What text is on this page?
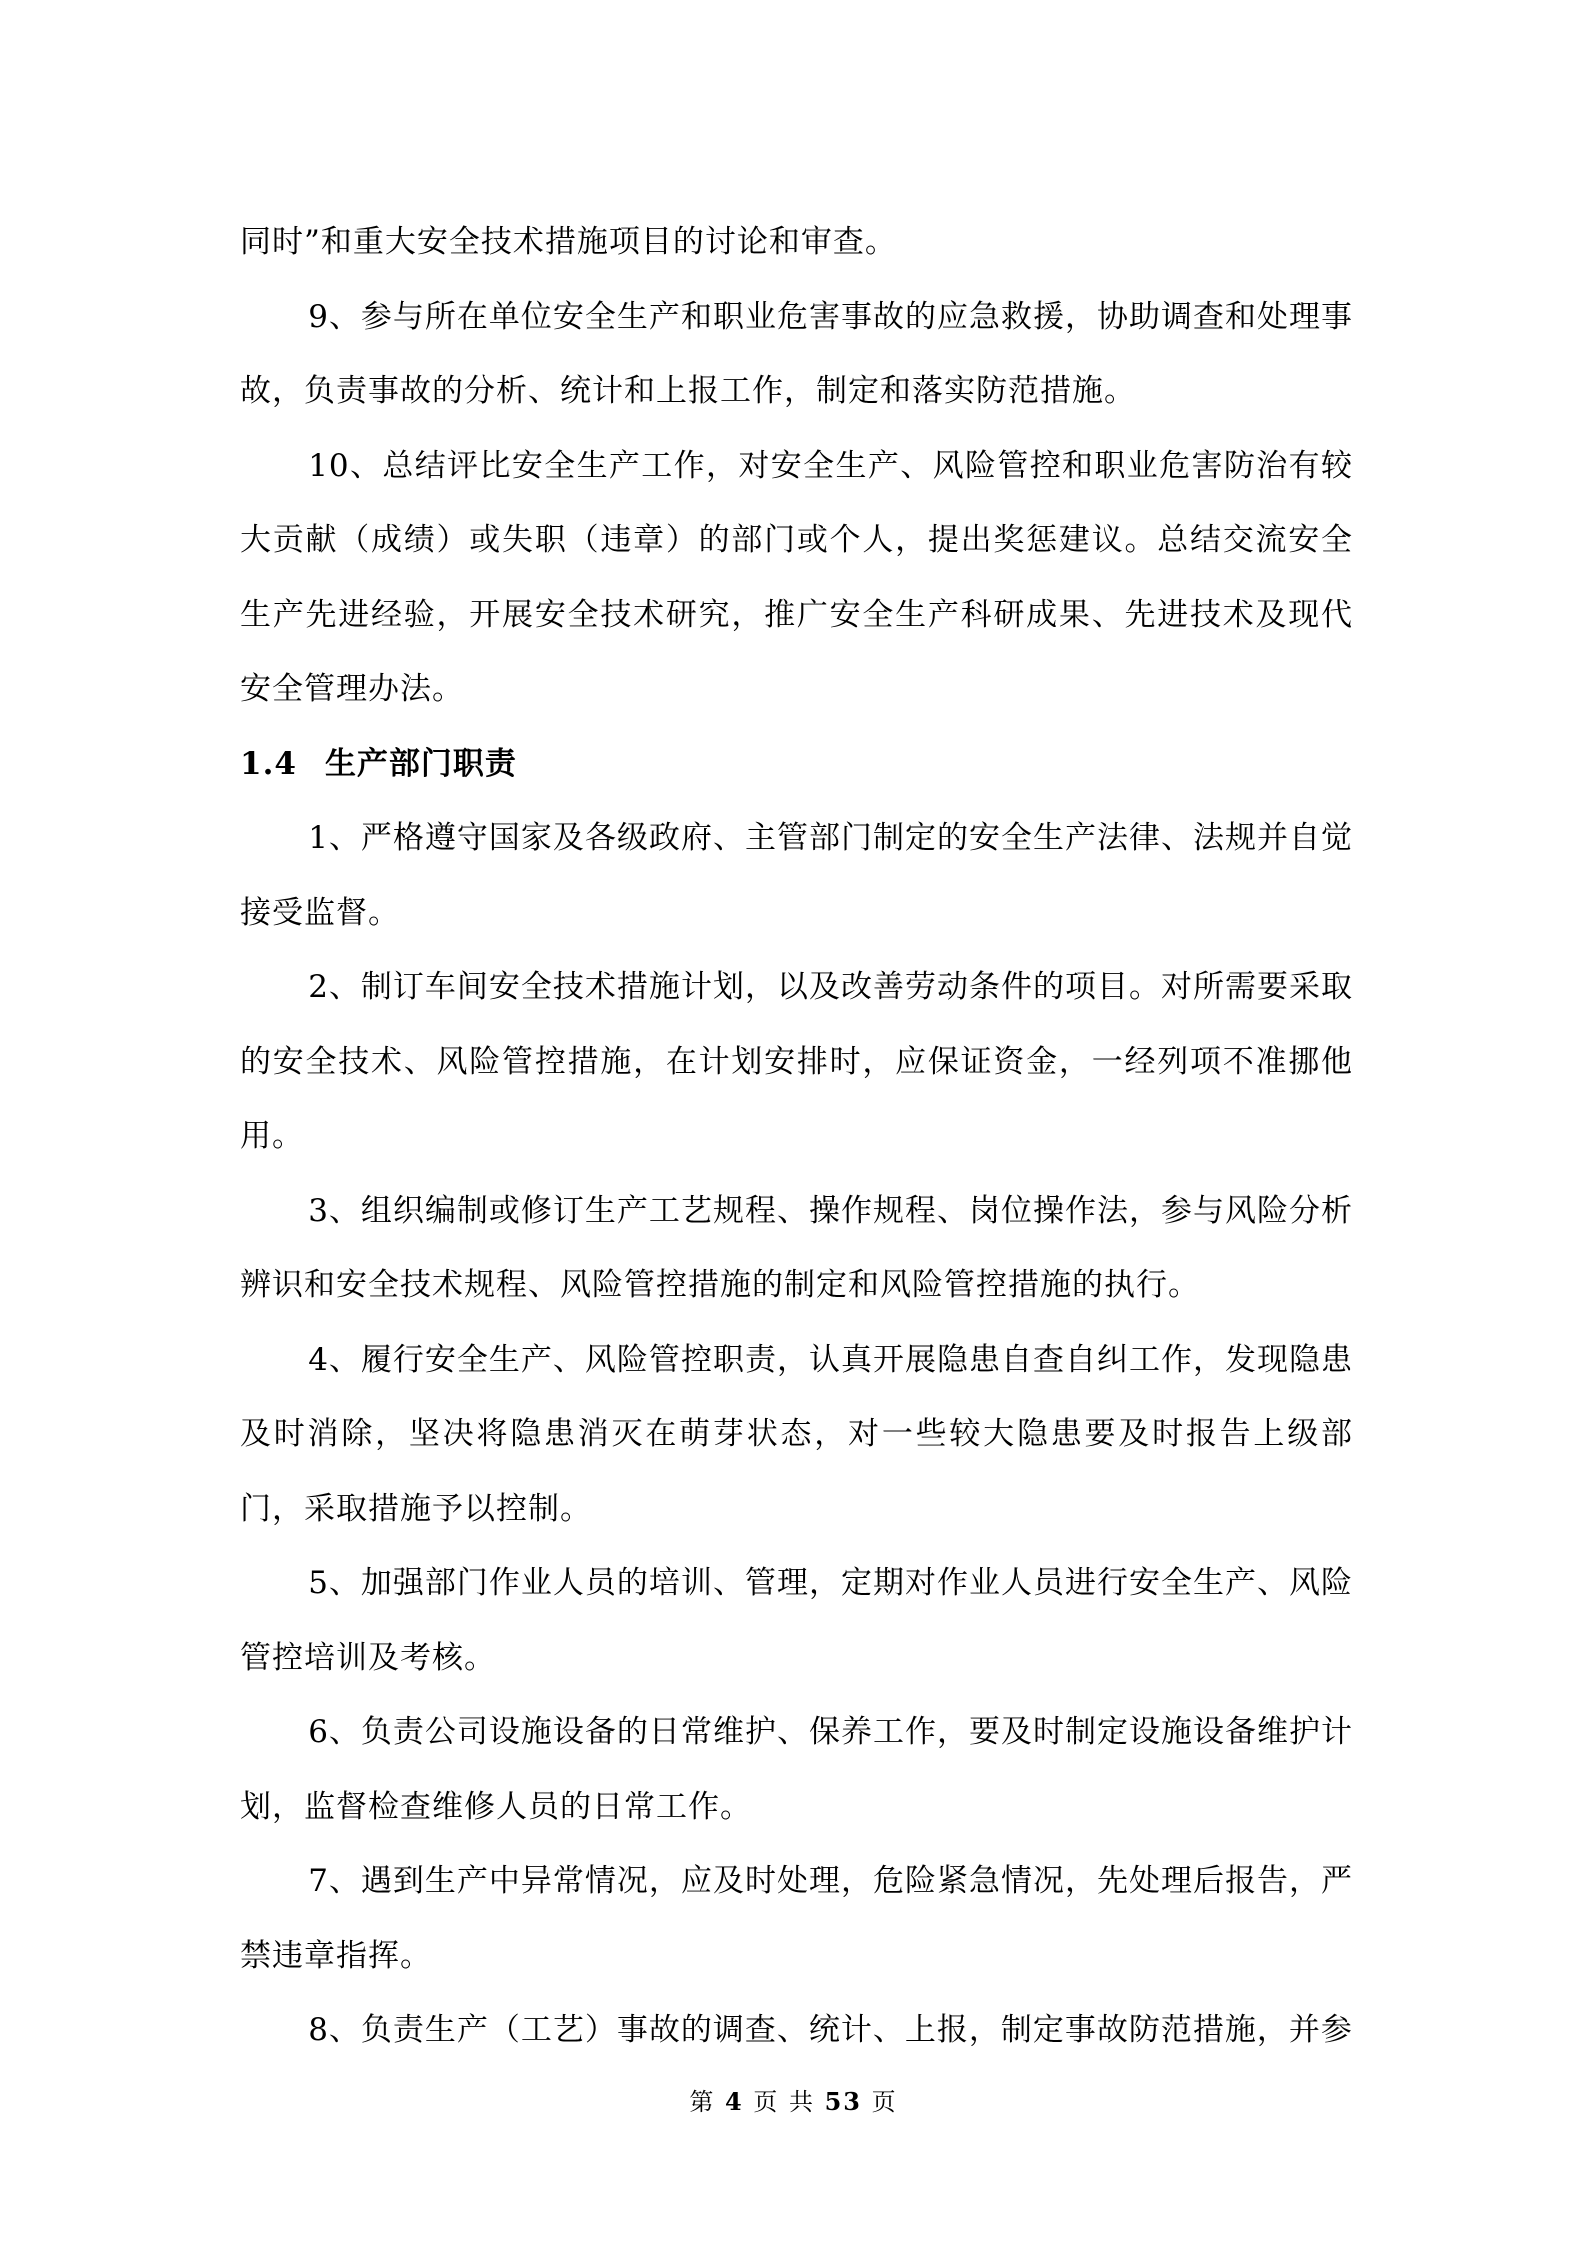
同时”和重大安全技术措施项目的讨论和审查。

9、参与所在单位安全生产和职业危害事故的应急救援，协助调查和处理事故，负责事故的分析、统计和上报工作，制定和落实防范措施。

10、总结评比安全生产工作，对安全生产、风险管控和职业危害防治有较大贡献（成绩）或失职（违章）的部门或个人，提出奖惩建议。总结交流安全生产先进经验，开展安全技术研究，推广安全生产科研成果、先进技术及现代安全管理办法。

1.4 生产部门职责

1、严格遵守国家及各级政府、主管部门制定的安全生产法律、法规并自觉接受监督。

2、制订车间安全技术措施计划，以及改善劳动条件的项目。对所需要采取的安全技术、风险管控措施，在计划安排时，应保证资金，一经列项不准挪他用。

3、组织编制或修订生产工艺规程、操作规程、岗位操作法，参与风险分析辨识和安全技术规程、风险管控措施的制定和风险管控措施的执行。

4、履行安全生产、风险管控职责，认真开展隐患自查自纠工作，发现隐患及时消除，坚决将隐患消灭在萌芽状态，对一些较大隐患要及时报告上级部门，采取措施予以控制。

5、加强部门作业人员的培训、管理，定期对作业人员进行安全生产、风险管控培训及考核。

6、负责公司设施设备的日常维护、保养工作，要及时制定设施设备维护计划，监督检查维修人员的日常工作。

7、遇到生产中异常情况，应及时处理，危险紧急情况，先处理后报告，严禁违章指挥。

8、负责生产（工艺）事故的调查、统计、上报，制定事故防范措施，并参

第 4 页 共 53 页
